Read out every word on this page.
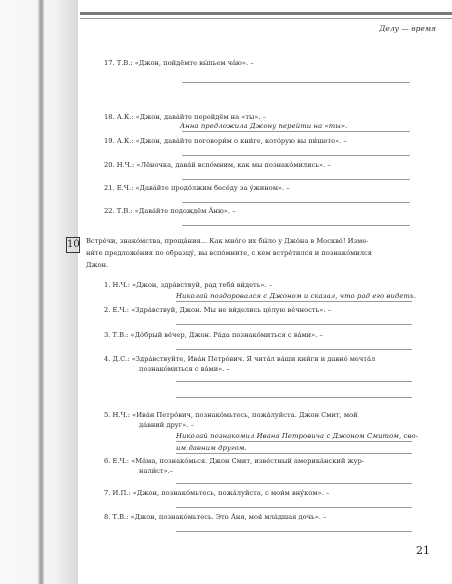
Делу — время
17. Т.В.: «Джон, пойдёмте вы́пьем ча́ю». –
18. А.К.: «Джон, дава́йте перейдём на «ты». –
Анна предложила Джону перейти на «ты».
19. А.К.: «Джон, дава́йте поговори́м о кни́ге, кото́рую вы пи́шете». –
20. Н.Ч.: «Лёночка, дава́й вспо́мним, как мы познако́мились». –
21. Е.Ч.: «Дава́йте продо́лжим бесе́ду за у́жином». –
22. Т.В.: «Дава́йте подождём А́ню». –
10 Встре́чи, знако́мства, проща́ния... Как мно́го их бы́ло у Джо́на в Москве́! Изме-
ни́те предложе́ния по образцу́, вы вспо́мните, с кем встре́тился и познако́мился
Джон.
1. Н.Ч.: «Джон, здра́вствуй, рад тебя́ ви́деть». –
Николай поздоровался с Джоном и сказал, что рад его видеть.
2. Е.Ч.: «Здра́вствуй, Джон. Мы не ви́делись це́лую ве́чность». –
3. Т.В.: «До́брый ве́чер, Джон. Ра́да познако́миться с ва́ми». –
4. Д.С.: «Здра́вствуйте, Ива́н Петро́вич. Я чита́л ва́ши кни́ги и давно́ мечта́л
познако́миться с ва́ми». –
5. Н.Ч.: «Ива́н Петро́вич, познако́мьтесь, пожа́луйста. Джон Смит, мой
да́вний друг». –
Николай познакомил Ивана Петровича с Джоном Смитом, сво-
им давним другом.
6. Е.Ч.: «Ма́ма, познако́мься. Джон Смит, изве́стный америка́нский жур-
нали́ст».–
7. И.П.: «Джон, познако́мьтесь, пожа́луйста, с мои́м вну́ком». –
8. Т.В.: «Джон, познако́мьтесь. Это А́ня, моя́ мла́дшая дочь». –
21
